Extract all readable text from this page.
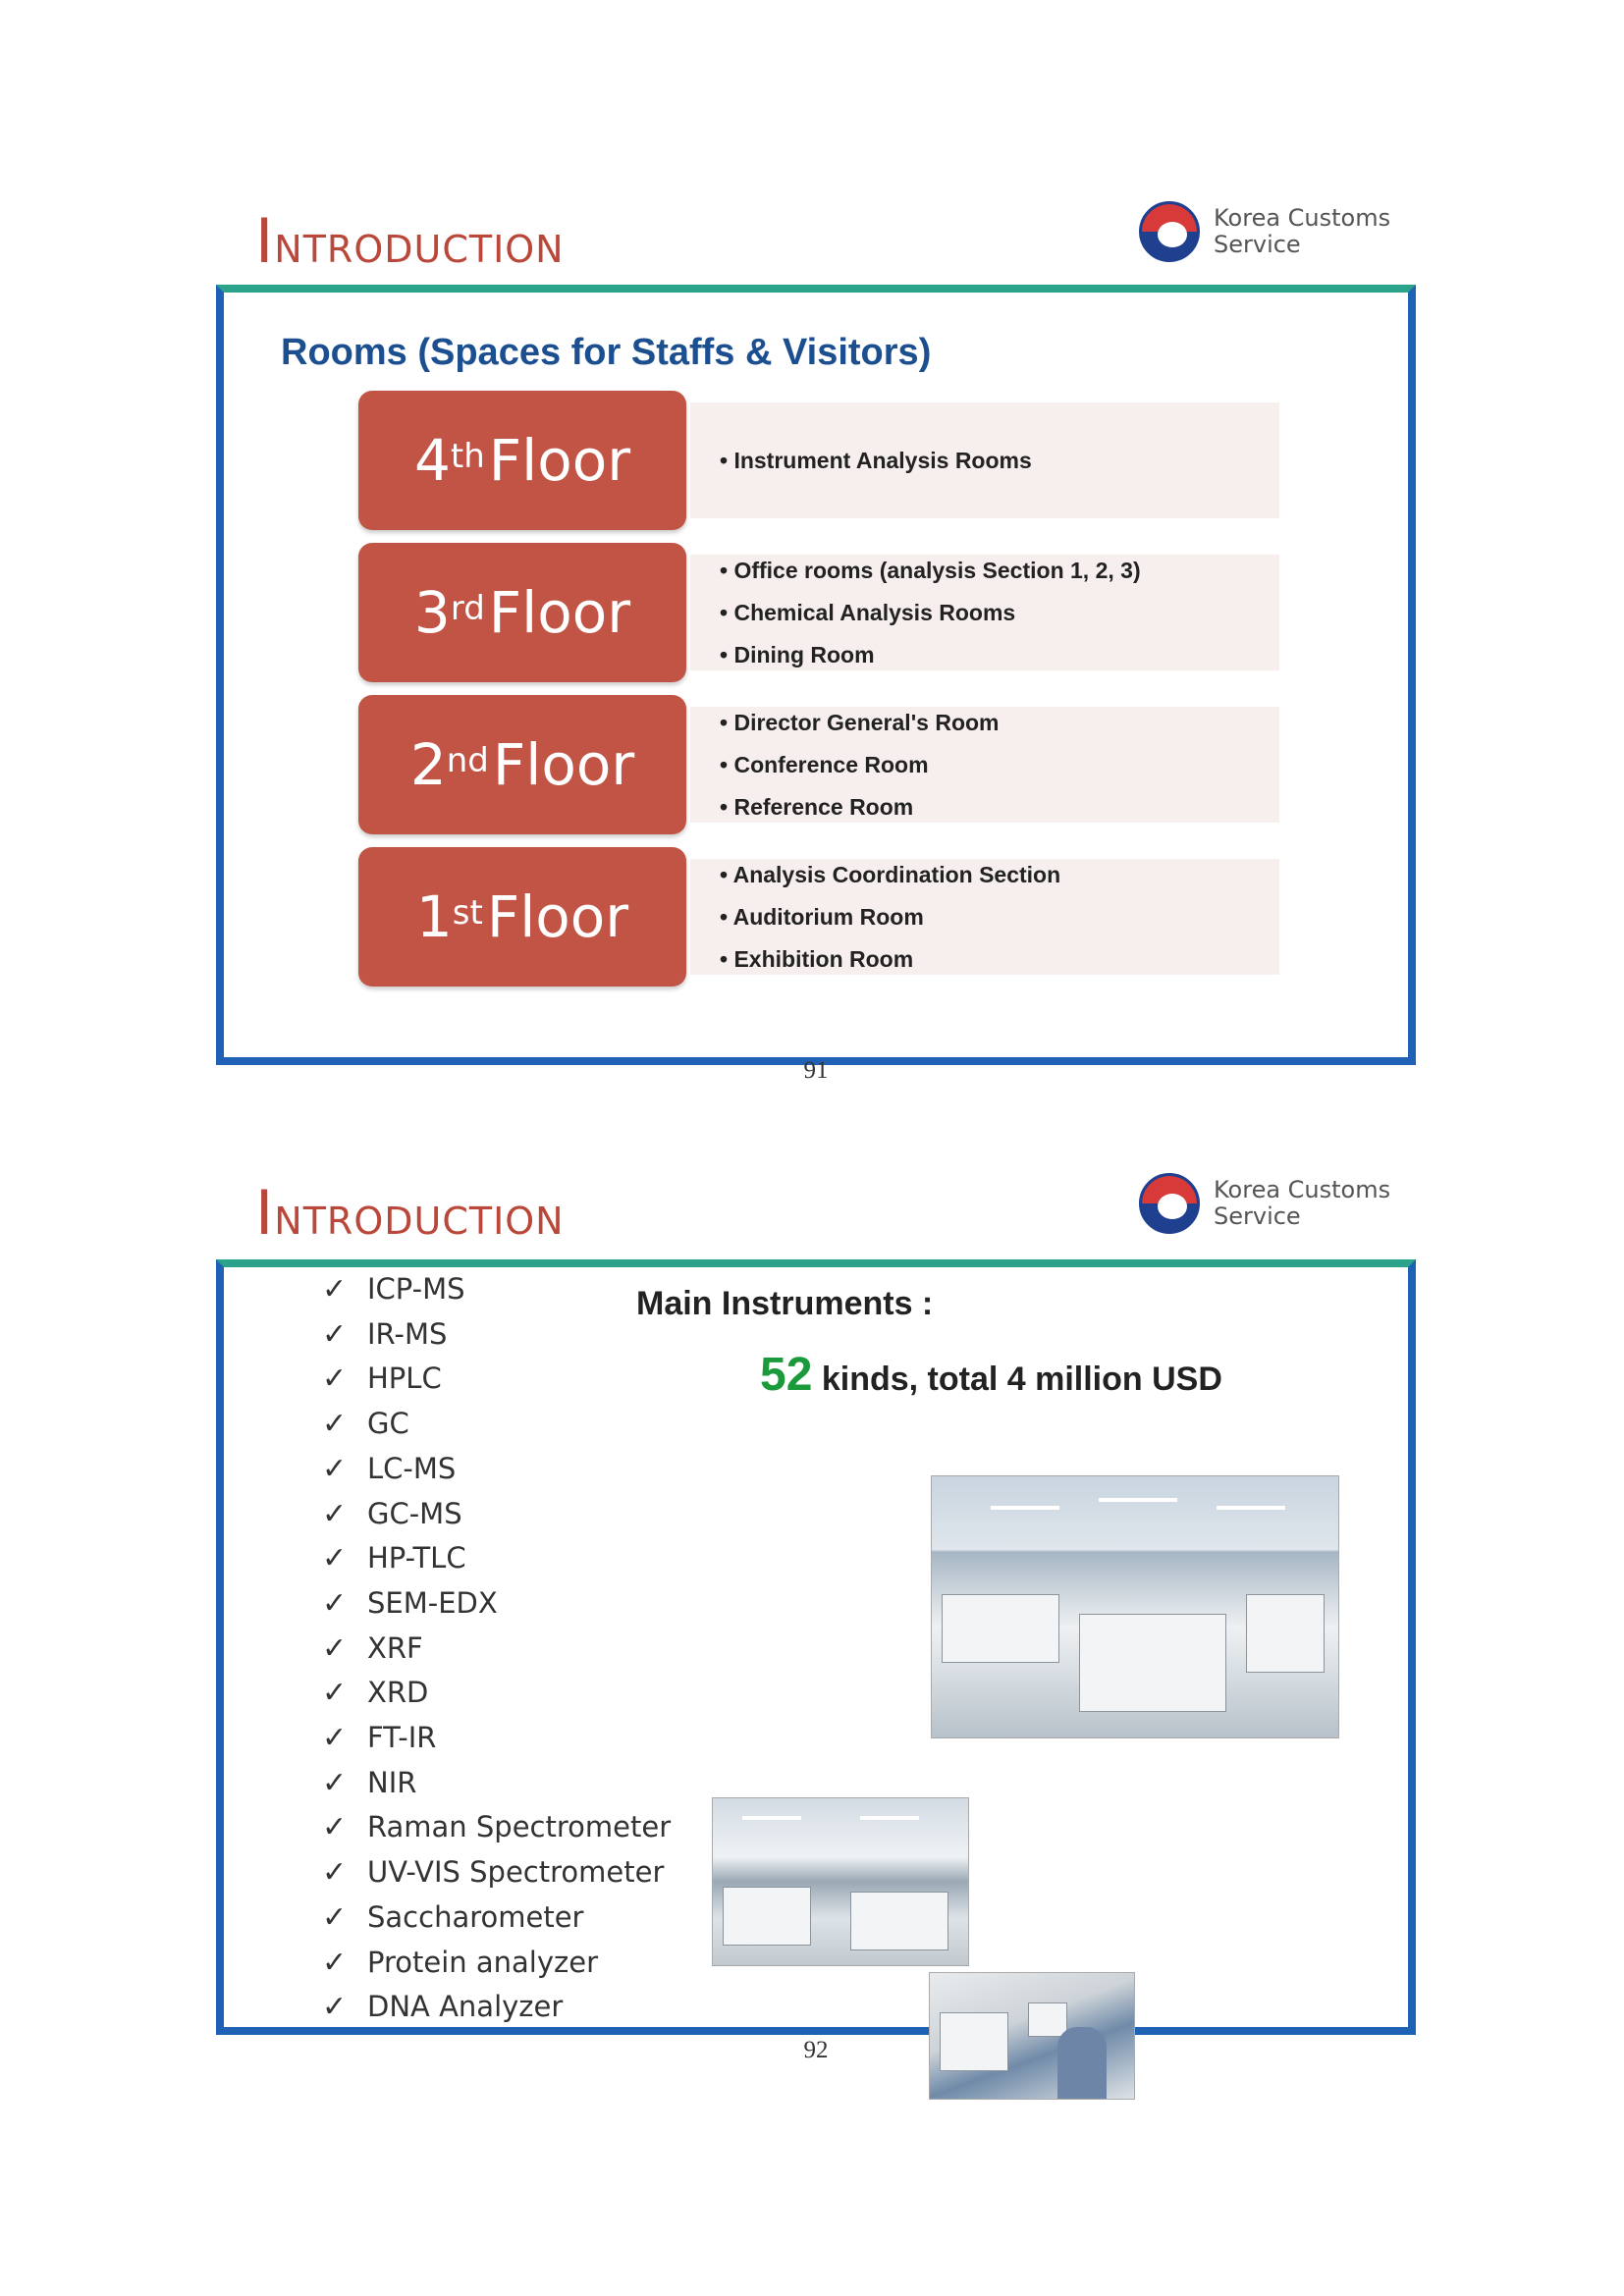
INTRODUCTION
Korea Customs
Service
Rooms (Spaces for Staffs & Visitors)
4th Floor
•	Instrument Analysis Rooms
3rd Floor
• Office rooms (analysis Section 1, 2, 3)
• Chemical Analysis Rooms
• Dining Room
2nd Floor
• Director General's Room
• Conference Room
• Reference Room
1st Floor
• Analysis Coordination Section
• Auditorium Room
• Exhibition Room
91
INTRODUCTION
Korea Customs
Service
✓ ICP-MS
✓ IR-MS
✓ HPLC
✓ GC
✓ LC-MS
✓ GC-MS
✓ HP-TLC
✓ SEM-EDX
✓ XRF
✓ XRD
✓ FT-IR
✓ NIR
✓ Raman Spectrometer
✓ UV-VIS Spectrometer
✓ Saccharometer
✓ Protein analyzer
✓ DNA Analyzer
Main Instruments :
52 kinds, total 4 million USD
92
